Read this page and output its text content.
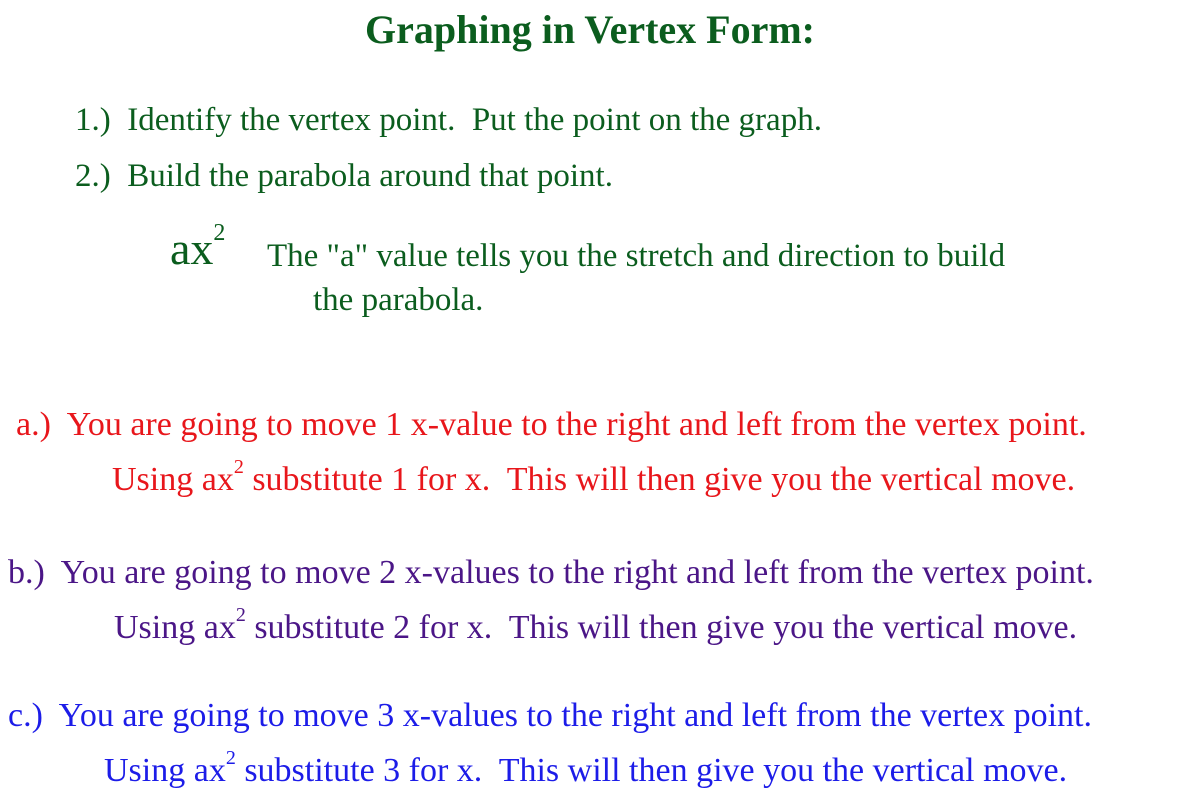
Graphing in Vertex Form:
1.) Identify the vertex point.  Put the point on the graph.
2.) Build the parabola around that point.
ax2
The "a" value tells you the stretch and direction to build
the parabola.
a.) You are going to move 1 x-value to the right and left from the vertex point.
Using $ax^2$ substitute 1 for x.  This will then give you the vertical move.
b.) You are going to move 2 x-values to the right and left from the vertex point.
Using $ax^2$ substitute 2 for x.  This will then give you the vertical move.
c.) You are going to move 3 x-values to the right and left from the vertex point.
Using $ax^2$ substitute 3 for x.  This will then give you the vertical move.
